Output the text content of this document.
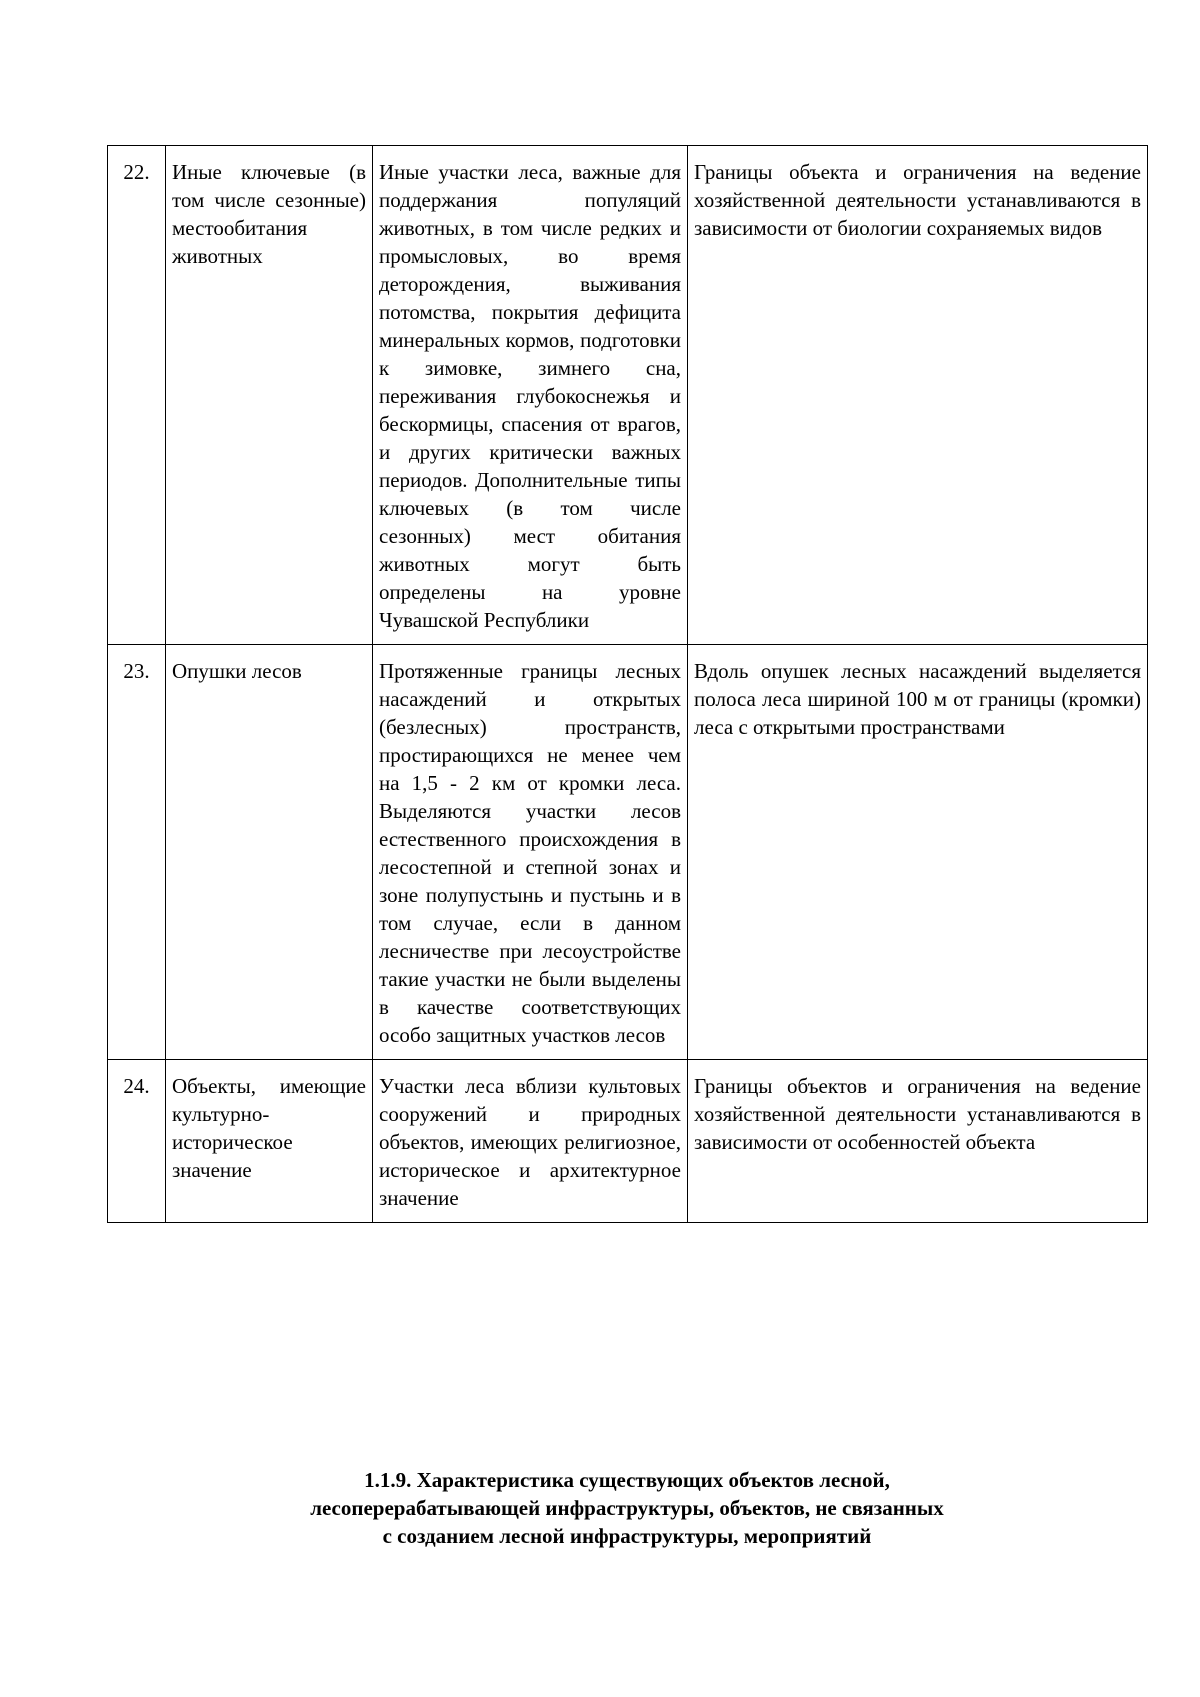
22.	Иные ключевые (в том числе сезонные) местообитания животных	Иные участки леса, важные для поддержания популяций животных, в том числе редких и промысловых, во время деторождения, выживания потомства, покрытия дефицита минеральных кормов, подготовки к зимовке, зимнего сна, переживания глубокоснежья и бескормицы, спасения от врагов, и других критически важных периодов. Дополнительные типы ключевых (в том числе сезонных) мест обитания животных могут быть определены на уровне Чувашской Республики	Границы объекта и ограничения на ведение хозяйственной деятельности устанавливаются в зависимости от биологии сохраняемых видов
23.	Опушки лесов	Протяженные границы лесных насаждений и открытых (безлесных) пространств, простирающихся не менее чем на 1,5 - 2 км от кромки леса. Выделяются участки лесов естественного происхождения в лесостепной и степной зонах и зоне полупустынь и пустынь и в том случае, если в данном лесничестве при лесоустройстве такие участки не были выделены в качестве соответствующих особо защитных участков лесов	Вдоль опушек лесных насаждений выделяется полоса леса шириной 100 м от границы (кромки) леса с открытыми пространствами
24.	Объекты, имеющие культурно-историческое значение	Участки леса вблизи культовых сооружений и природных объектов, имеющих религиозное, историческое и архитектурное значение	Границы объектов и ограничения на ведение хозяйственной деятельности устанавливаются в зависимости от особенностей объекта
1.1.9. Характеристика существующих объектов лесной,
лесоперерабатывающей инфраструктуры, объектов, не связанных
с созданием лесной инфраструктуры, мероприятий
